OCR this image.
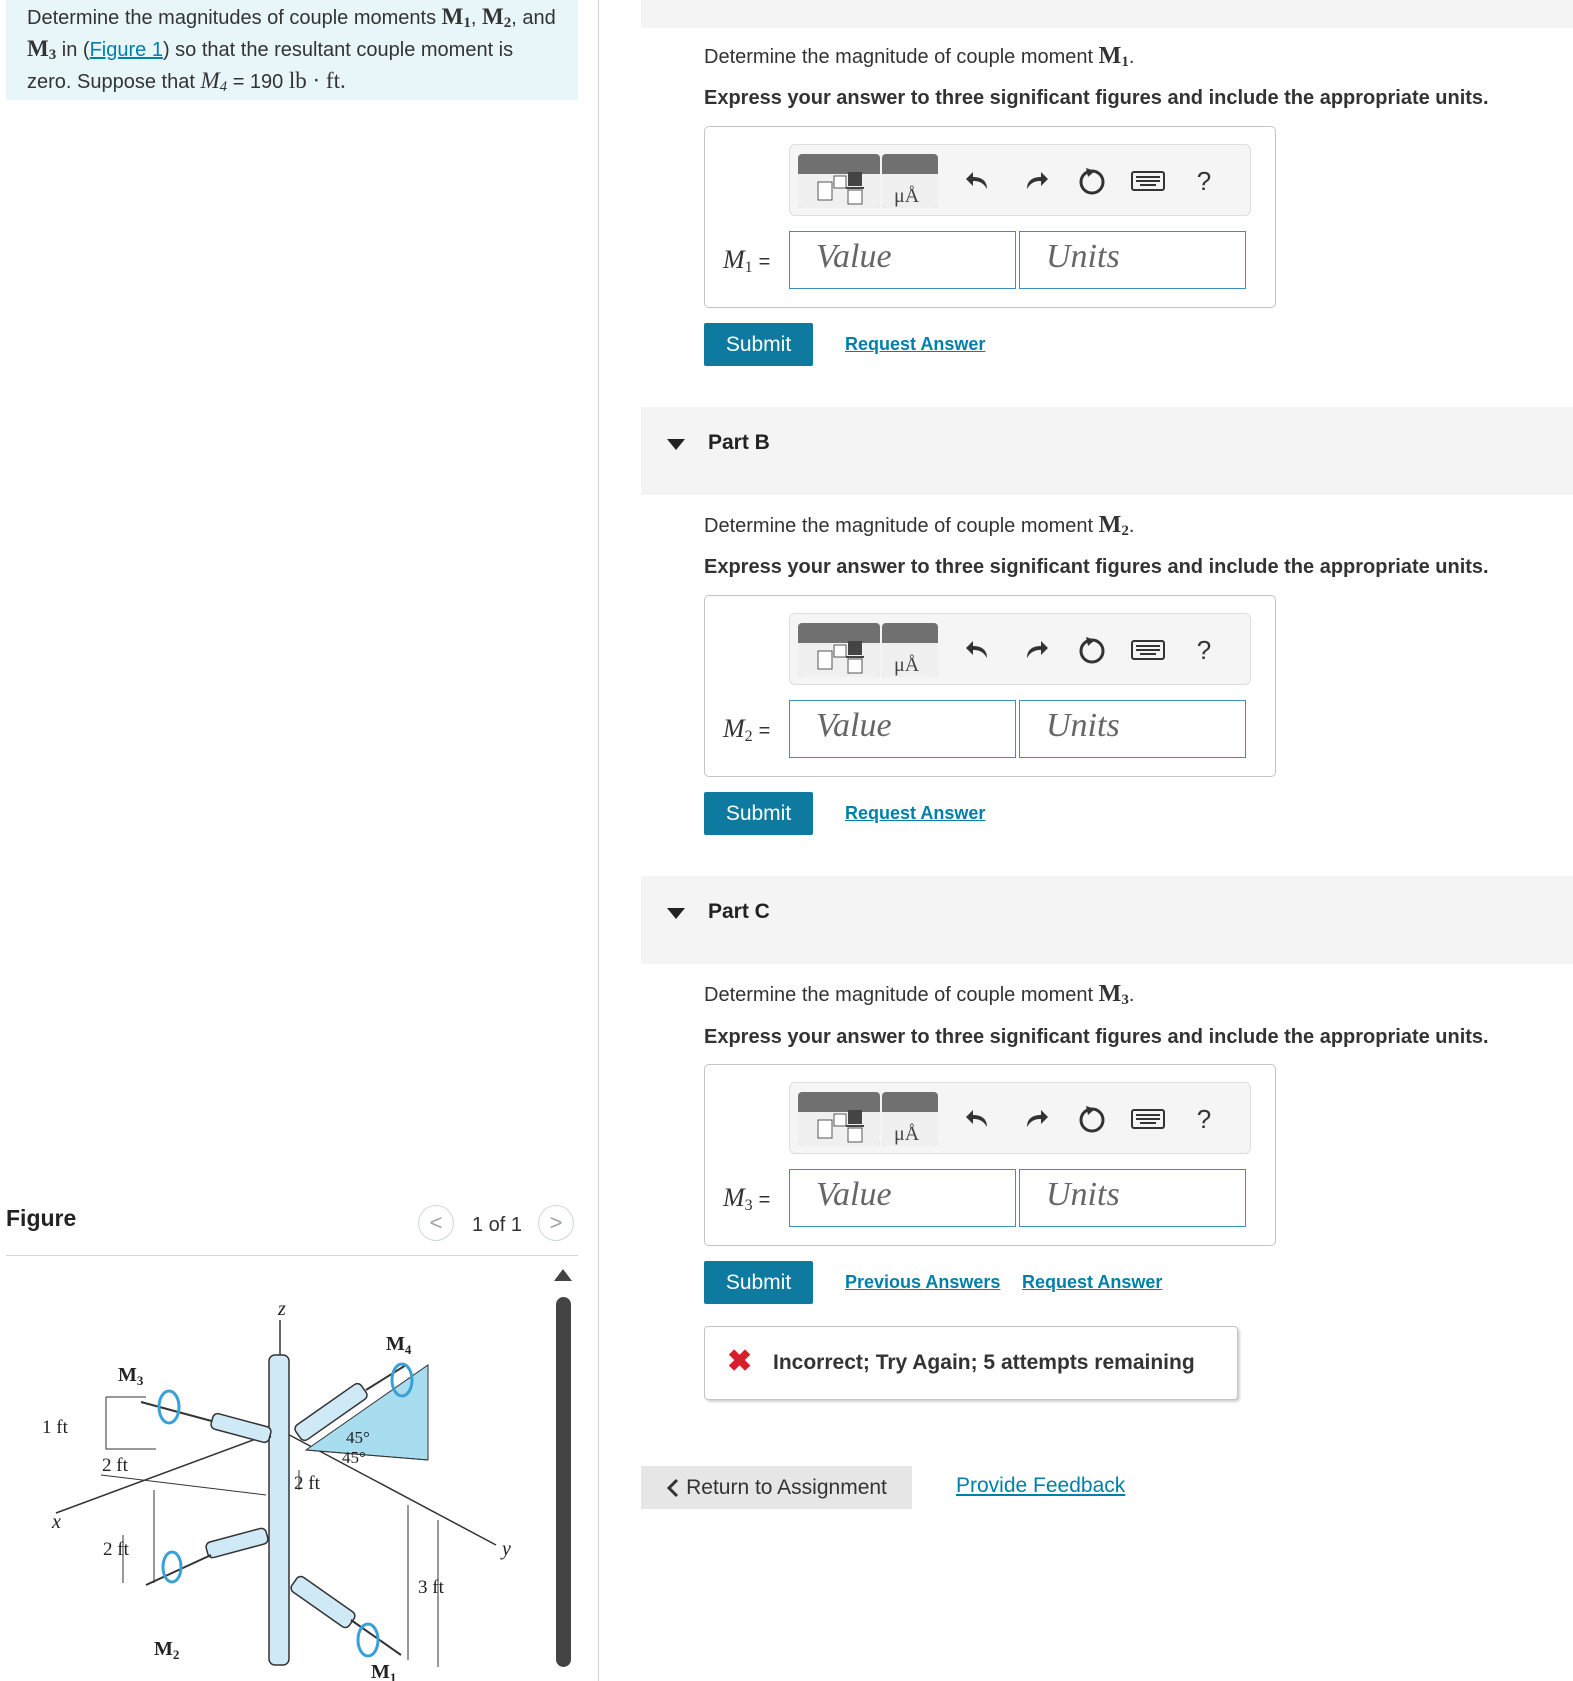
Determine the magnitudes of couple moments $M_1$, $M_2$, and $M_3$ in (Figure 1) so that the resultant couple moment is zero. Suppose that $M_4 = 190$ lb · ft.
Figure	< 1 of 1 >
z
x
y
$M_4$
$M_3$
$M_2$
$M_1$
1 ft
2 ft
2 ft
2 ft
3 ft
45°
45°
Determine the magnitude of couple moment $M_1$.
Express your answer to three significant figures and include the appropriate units.
μÅ
?
$M_1$ =	Value	Units
Submit	Request Answer
Part B
Determine the magnitude of couple moment $M_2$.
Express your answer to three significant figures and include the appropriate units.
μÅ
?
$M_2$ =	Value	Units
Submit	Request Answer
Part C
Determine the magnitude of couple moment $M_3$.
Express your answer to three significant figures and include the appropriate units.
μÅ
?
$M_3$ =	Value	Units
Submit	Previous Answers Request Answer
✖ Incorrect; Try Again; 5 attempts remaining
Return to Assignment	Provide Feedback
